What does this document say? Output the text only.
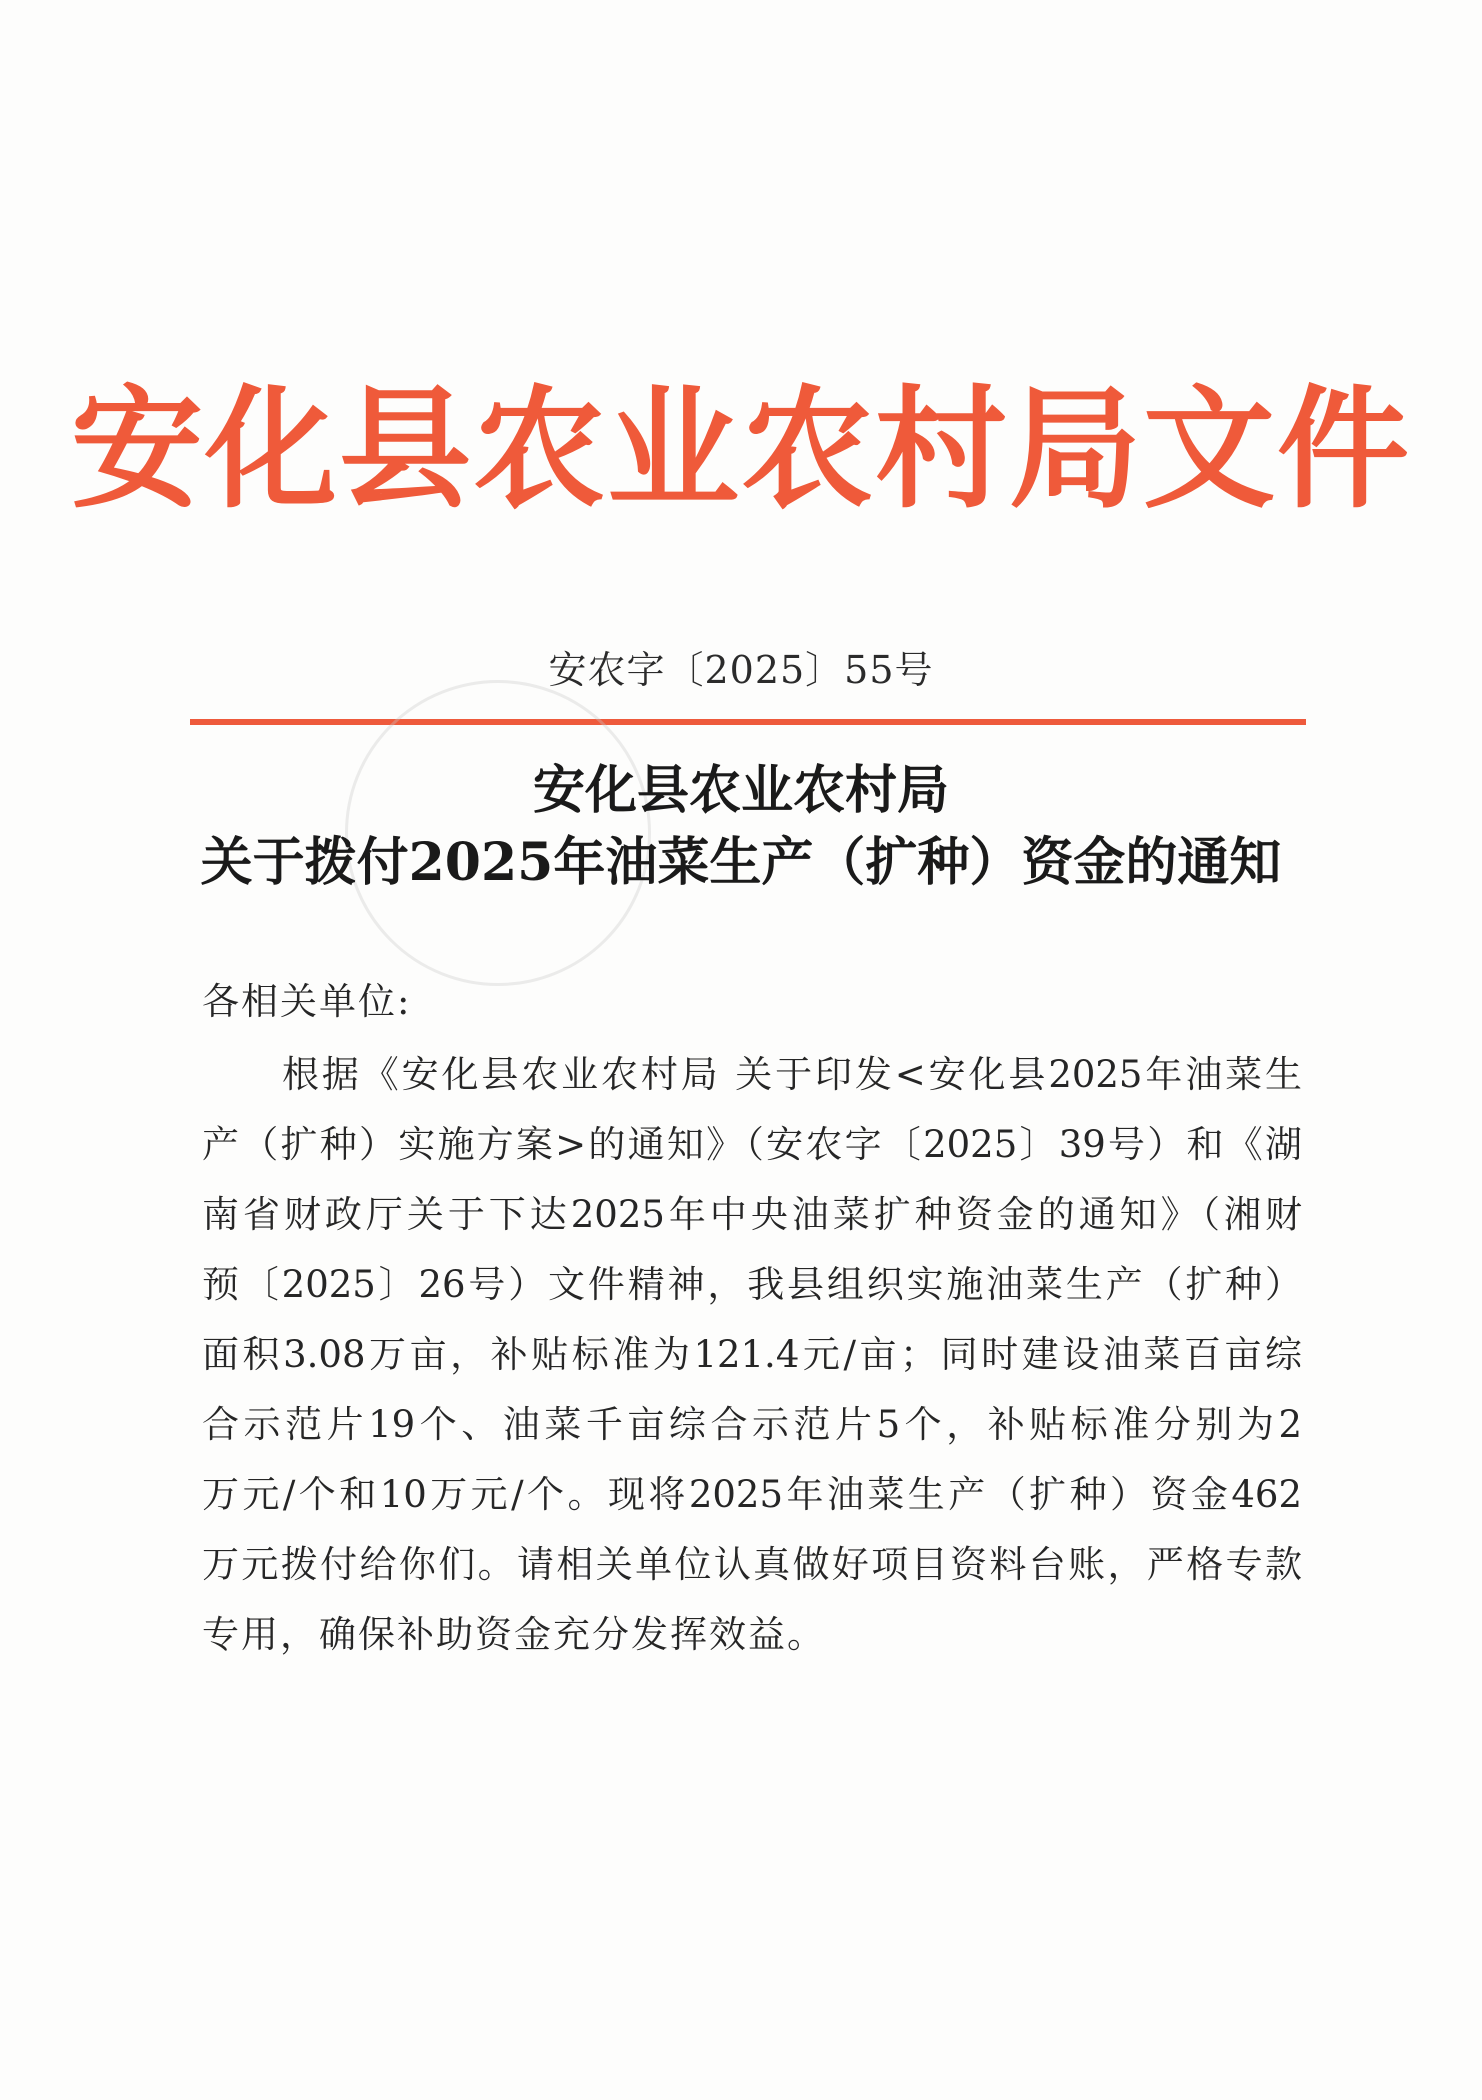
安化县农业农村局文件
安农字〔2025〕55号
安化县农业农村局
关于拨付2025年油菜生产（扩种）资金的通知
各相关单位:
根据《安化县农业农村局 关于印发<安化县2025年油菜生
产（扩种）实施方案>的通知》（安农字〔2025〕39号）和《湖
南省财政厅关于下达2025年中央油菜扩种资金的通知》（湘财
预〔2025〕26号）文件精神，我县组织实施油菜生产（扩种）
面积3.08万亩，补贴标准为121.4元/亩；同时建设油菜百亩综
合示范片19个、油菜千亩综合示范片5个，补贴标准分别为2
万元/个和10万元/个。现将2025年油菜生产（扩种）资金462
万元拨付给你们。请相关单位认真做好项目资料台账，严格专款
专用，确保补助资金充分发挥效益。
